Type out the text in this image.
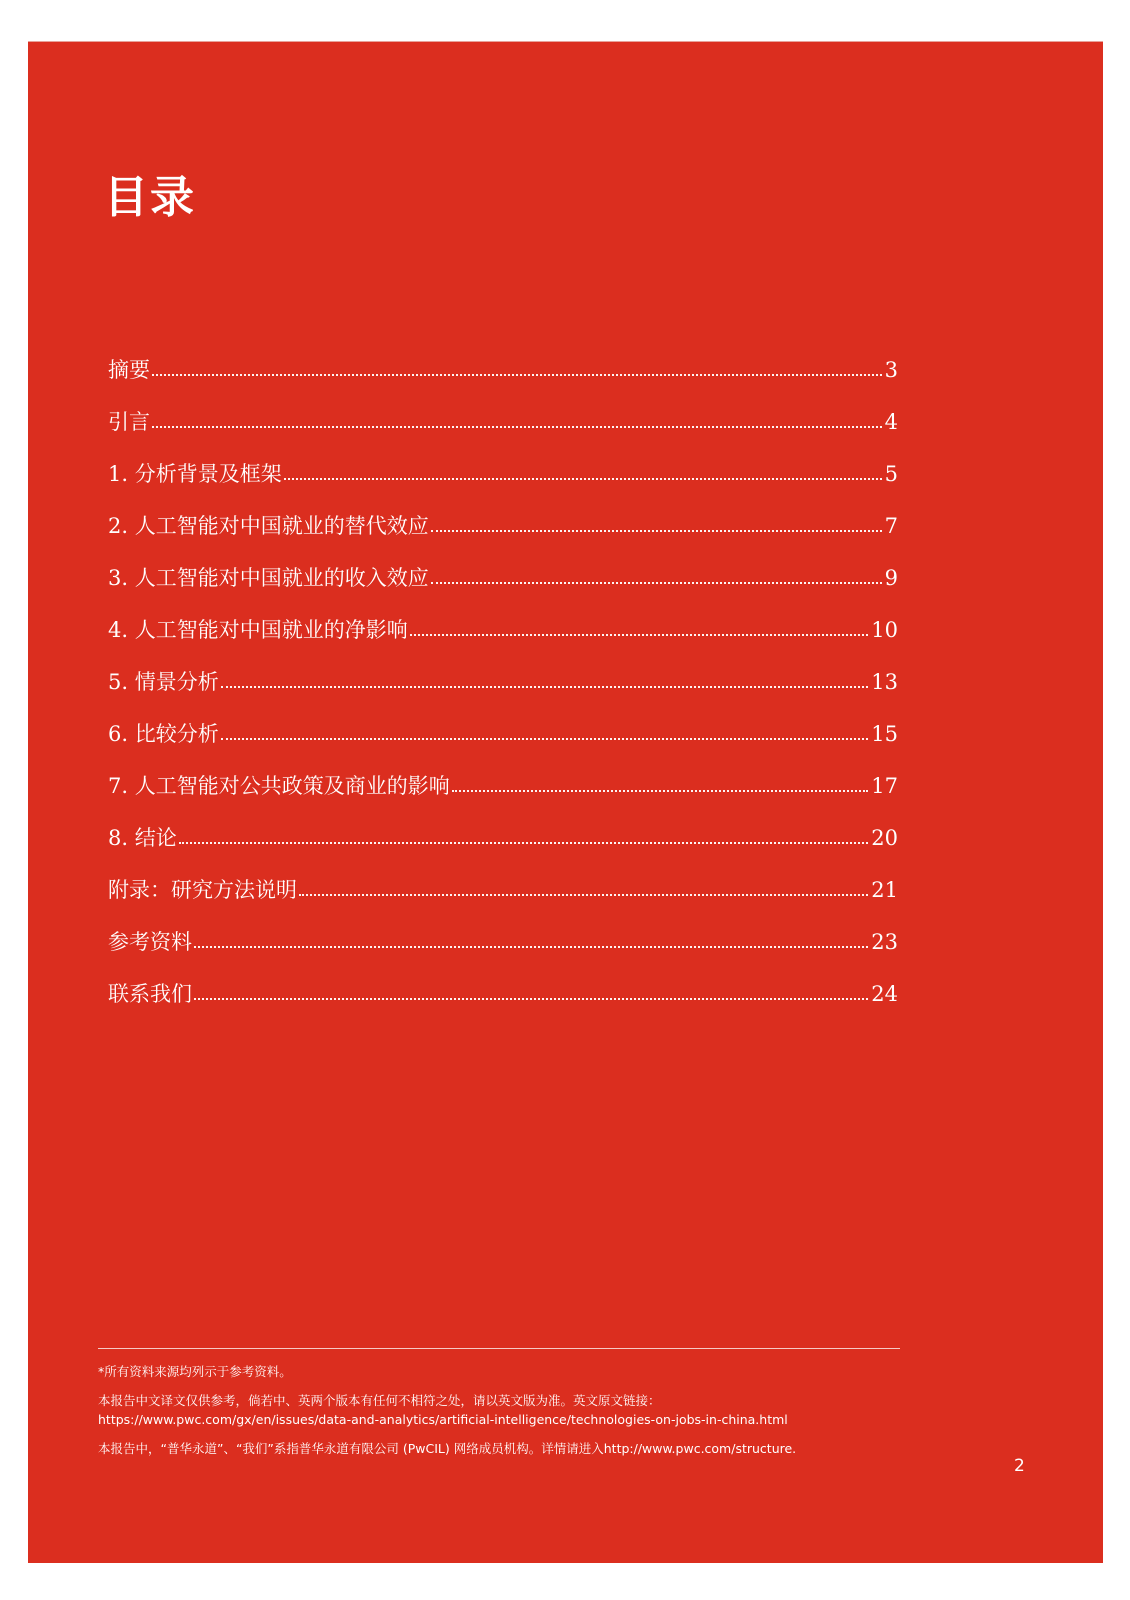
目录
摘要	3
引言	4
1. 分析背景及框架	5
2. 人工智能对中国就业的替代效应	7
3. 人工智能对中国就业的收入效应	9
4. 人工智能对中国就业的净影响	10
5. 情景分析	13
6. 比较分析	15
7. 人工智能对公共政策及商业的影响	17
8. 结论	20
附录：研究方法说明	21
参考资料	23
联系我们	24

*所有资料来源均列示于参考资料。

本报告中文译文仅供参考，倘若中、英两个版本有任何不相符之处，请以英文版为准。英文原文链接：
https://www.pwc.com/gx/en/issues/data-and-analytics/artificial-intelligence/technologies-on-jobs-in-china.html

本报告中，“普华永道”、“我们”系指普华永道有限公司 (PwCIL) 网络成员机构。详情请进入http://www.pwc.com/structure.

2
